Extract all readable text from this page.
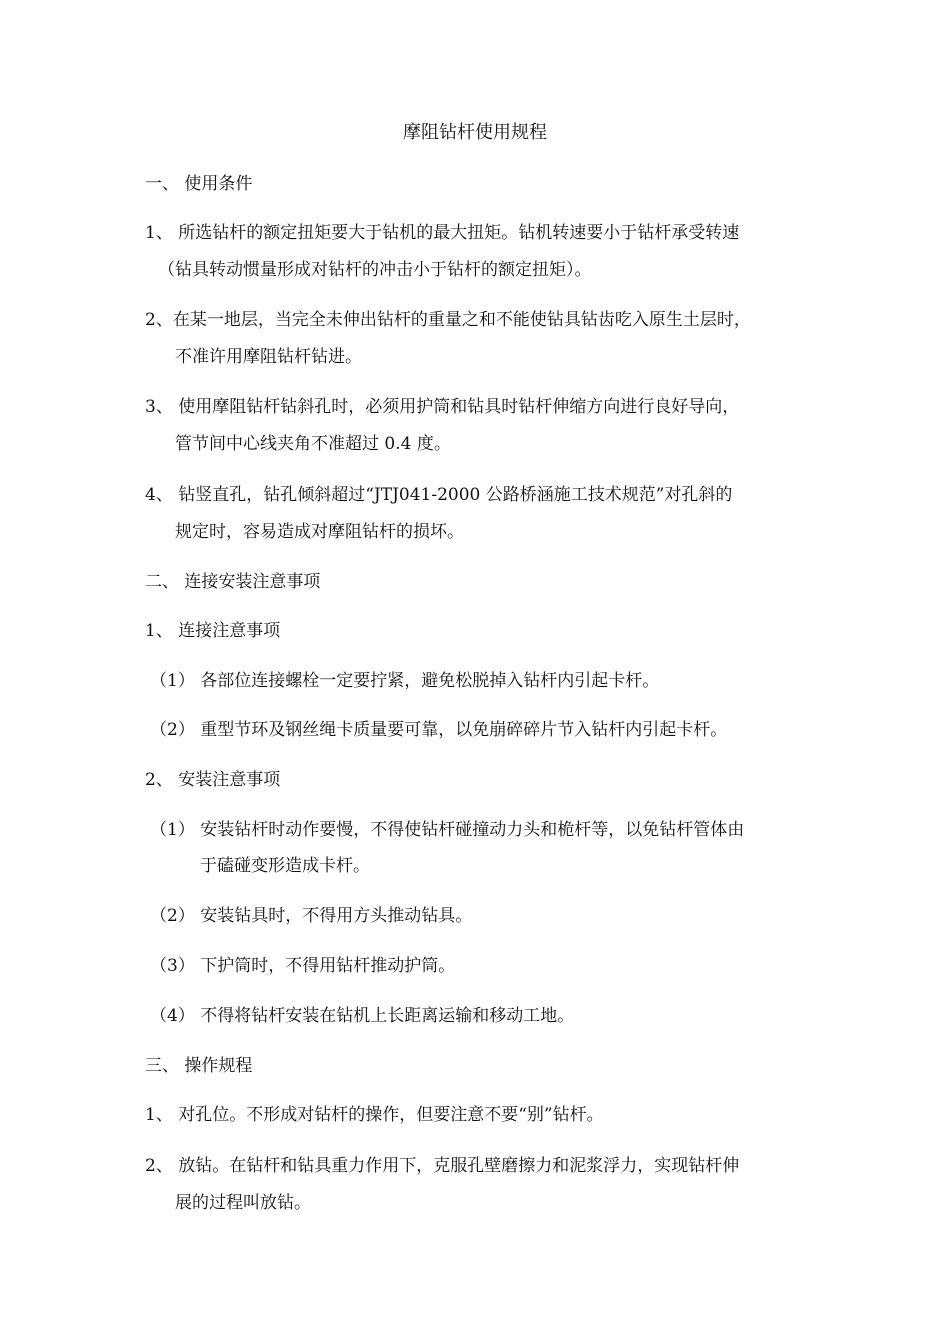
摩阻钻杆使用规程
一、 使用条件
1、 所选钻杆的额定扭矩要大于钻机的最大扭矩。钻机转速要小于钻杆承受转速
（钻具转动惯量形成对钻杆的冲击小于钻杆的额定扭矩）。
2、在某一地层，当完全未伸出钻杆的重量之和不能使钻具钻齿吃入原生土层时，
不准许用摩阻钻杆钻进。
3、 使用摩阻钻杆钻斜孔时，必须用护筒和钻具时钻杆伸缩方向进行良好导向，
管节间中心线夹角不准超过 0.4 度。
4、 钻竖直孔，钻孔倾斜超过“JTJ041-2000 公路桥涵施工技术规范”对孔斜的
规定时，容易造成对摩阻钻杆的损坏。
二、 连接安装注意事项
1、 连接注意事项
（1） 各部位连接螺栓一定要拧紧，避免松脱掉入钻杆内引起卡杆。
（2） 重型节环及钢丝绳卡质量要可靠，以免崩碎碎片节入钻杆内引起卡杆。
2、 安装注意事项
（1） 安装钻杆时动作要慢，不得使钻杆碰撞动力头和桅杆等，以免钻杆管体由
于磕碰变形造成卡杆。
（2） 安装钻具时，不得用方头推动钻具。
（3） 下护筒时，不得用钻杆推动护筒。
（4） 不得将钻杆安装在钻机上长距离运输和移动工地。
三、 操作规程
1、 对孔位。不形成对钻杆的操作，但要注意不要“别”钻杆。
2、 放钻。在钻杆和钻具重力作用下，克服孔壁磨擦力和泥浆浮力，实现钻杆伸
展的过程叫放钻。
